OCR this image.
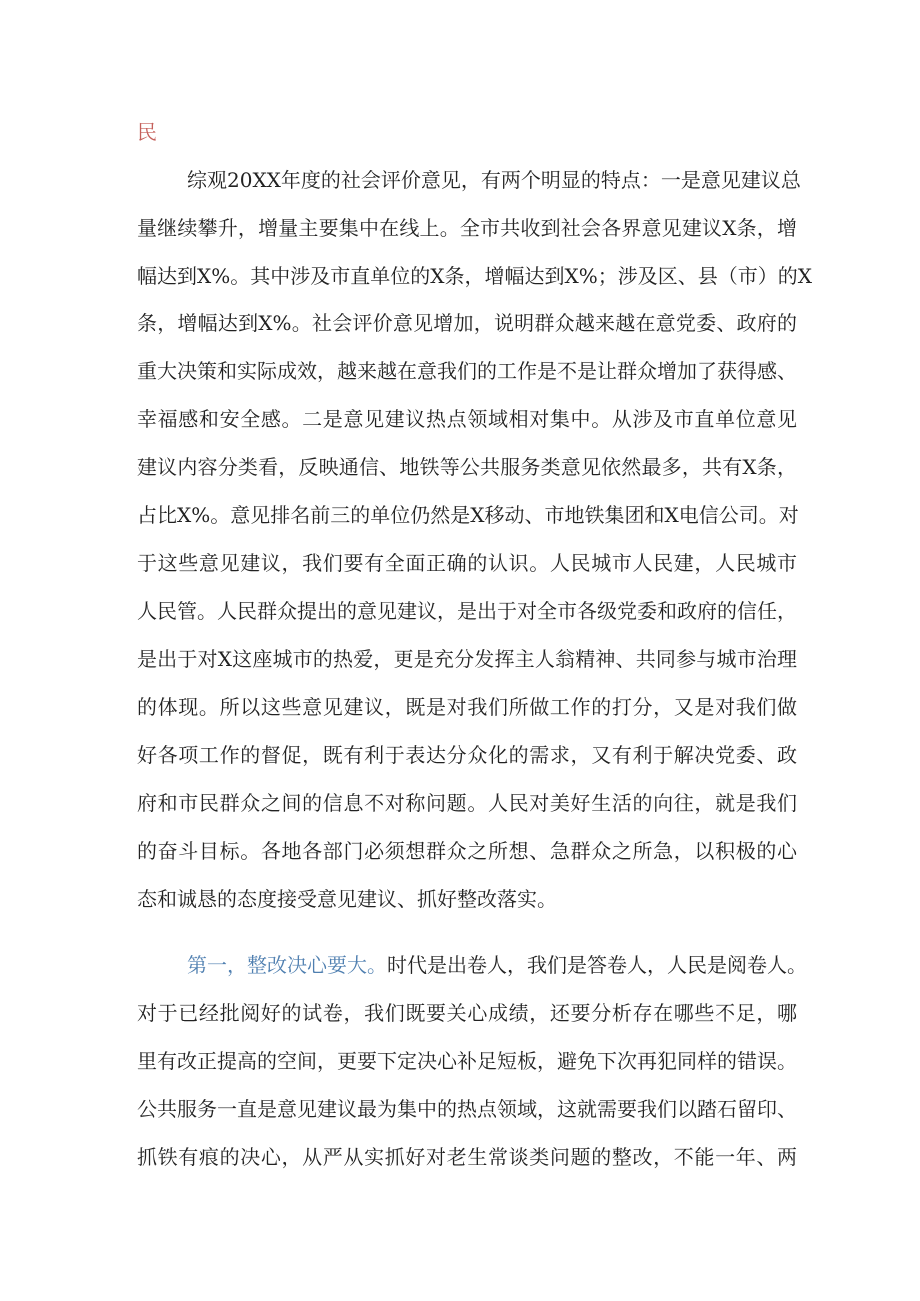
民
综观20XX年度的社会评价意见，有两个明显的特点：一是意见建议总
量继续攀升，增量主要集中在线上。全市共收到社会各界意见建议X条，增
幅达到X%。其中涉及市直单位的X条，增幅达到X%；涉及区、县（市）的X
条，增幅达到X%。社会评价意见增加，说明群众越来越在意党委、政府的
重大决策和实际成效，越来越在意我们的工作是不是让群众增加了获得感、
幸福感和安全感。二是意见建议热点领域相对集中。从涉及市直单位意见
建议内容分类看，反映通信、地铁等公共服务类意见依然最多，共有X条，
占比X%。意见排名前三的单位仍然是X移动、市地铁集团和X电信公司。对
于这些意见建议，我们要有全面正确的认识。人民城市人民建，人民城市
人民管。人民群众提出的意见建议，是出于对全市各级党委和政府的信任，
是出于对X这座城市的热爱，更是充分发挥主人翁精神、共同参与城市治理
的体现。所以这些意见建议，既是对我们所做工作的打分，又是对我们做
好各项工作的督促，既有利于表达分众化的需求，又有利于解决党委、政
府和市民群众之间的信息不对称问题。人民对美好生活的向往，就是我们
的奋斗目标。各地各部门必须想群众之所想、急群众之所急，以积极的心
态和诚恳的态度接受意见建议、抓好整改落实。
第一，整改决心要大。时代是出卷人，我们是答卷人，人民是阅卷人。
对于已经批阅好的试卷，我们既要关心成绩，还要分析存在哪些不足，哪
里有改正提高的空间，更要下定决心补足短板，避免下次再犯同样的错误。
公共服务一直是意见建议最为集中的热点领域，这就需要我们以踏石留印、
抓铁有痕的决心，从严从实抓好对老生常谈类问题的整改，不能一年、两
